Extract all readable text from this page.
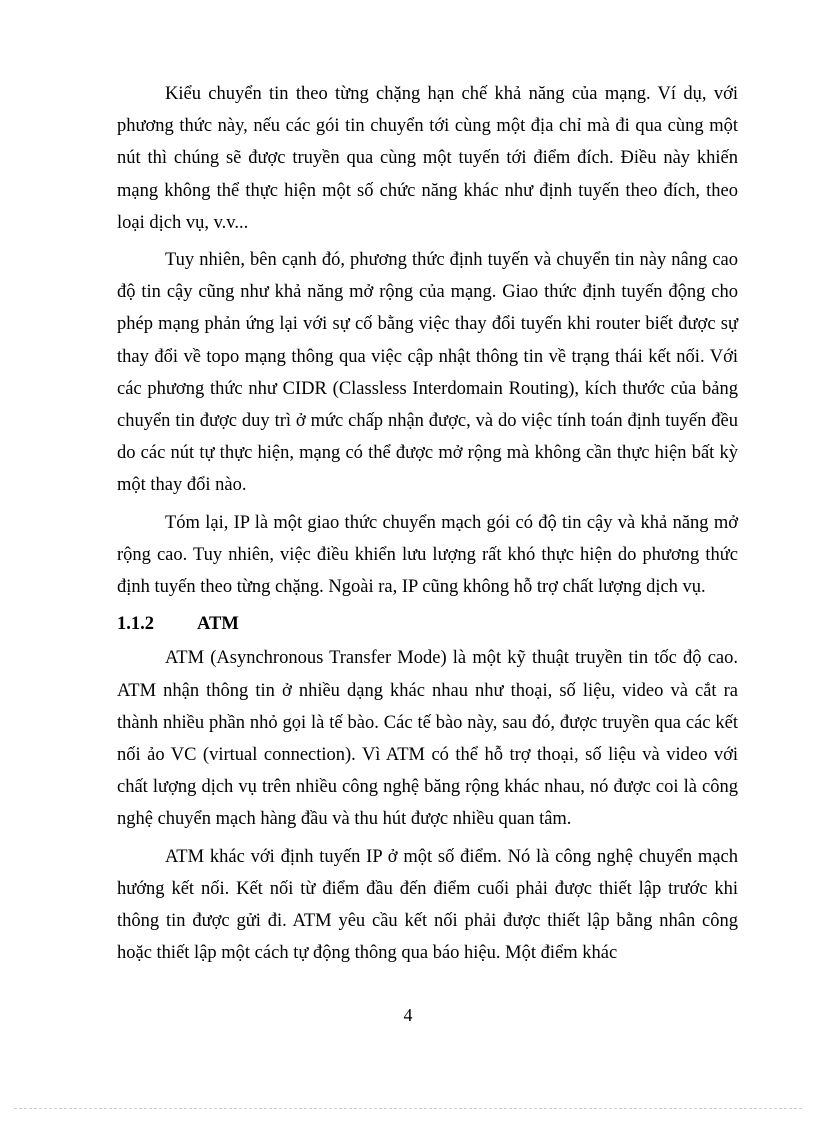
Kiểu chuyển tin theo từng chặng hạn chế khả năng của mạng. Ví dụ, với phương thức này, nếu các gói tin chuyển tới cùng một địa chỉ mà đi qua cùng một nút thì chúng sẽ được truyền qua cùng một tuyến tới điểm đích. Điều này khiến mạng không thể thực hiện một số chức năng khác như định tuyến theo đích, theo loại dịch vụ, v.v...

Tuy nhiên, bên cạnh đó, phương thức định tuyến và chuyển tin này nâng cao độ tin cậy cũng như khả năng mở rộng của mạng. Giao thức định tuyến động cho phép mạng phản ứng lại với sự cố bằng việc thay đổi tuyến khi router biết được sự thay đổi về topo mạng thông qua việc cập nhật thông tin về trạng thái kết nối. Với các phương thức như CIDR (Classless Interdomain Routing), kích thước của bảng chuyển tin được duy trì ở mức chấp nhận được, và do việc tính toán định tuyến đều do các nút tự thực hiện, mạng có thể được mở rộng mà không cần thực hiện bất kỳ một thay đổi nào.

Tóm lại, IP là một giao thức chuyển mạch gói có độ tin cậy và khả năng mở rộng cao. Tuy nhiên, việc điều khiển lưu lượng rất khó thực hiện do phương thức định tuyến theo từng chặng. Ngoài ra, IP cũng không hỗ trợ chất lượng dịch vụ.

1.1.2	ATM

ATM (Asynchronous Transfer Mode) là một kỹ thuật truyền tin tốc độ cao. ATM nhận thông tin ở nhiều dạng khác nhau như thoại, số liệu, video và cắt ra thành nhiều phần nhỏ gọi là tế bào. Các tế bào này, sau đó, được truyền qua các kết nối ảo VC (virtual connection). Vì ATM có thể hỗ trợ thoại, số liệu và video với chất lượng dịch vụ trên nhiều công nghệ băng rộng khác nhau, nó được coi là công nghệ chuyển mạch hàng đầu và thu hút được nhiều quan tâm.

ATM khác với định tuyến IP ở một số điểm. Nó là công nghệ chuyển mạch hướng kết nối. Kết nối từ điểm đầu đến điểm cuối phải được thiết lập trước khi thông tin được gửi đi. ATM yêu cầu kết nối phải được thiết lập bằng nhân công hoặc thiết lập một cách tự động thông qua báo hiệu. Một điểm khác

4
